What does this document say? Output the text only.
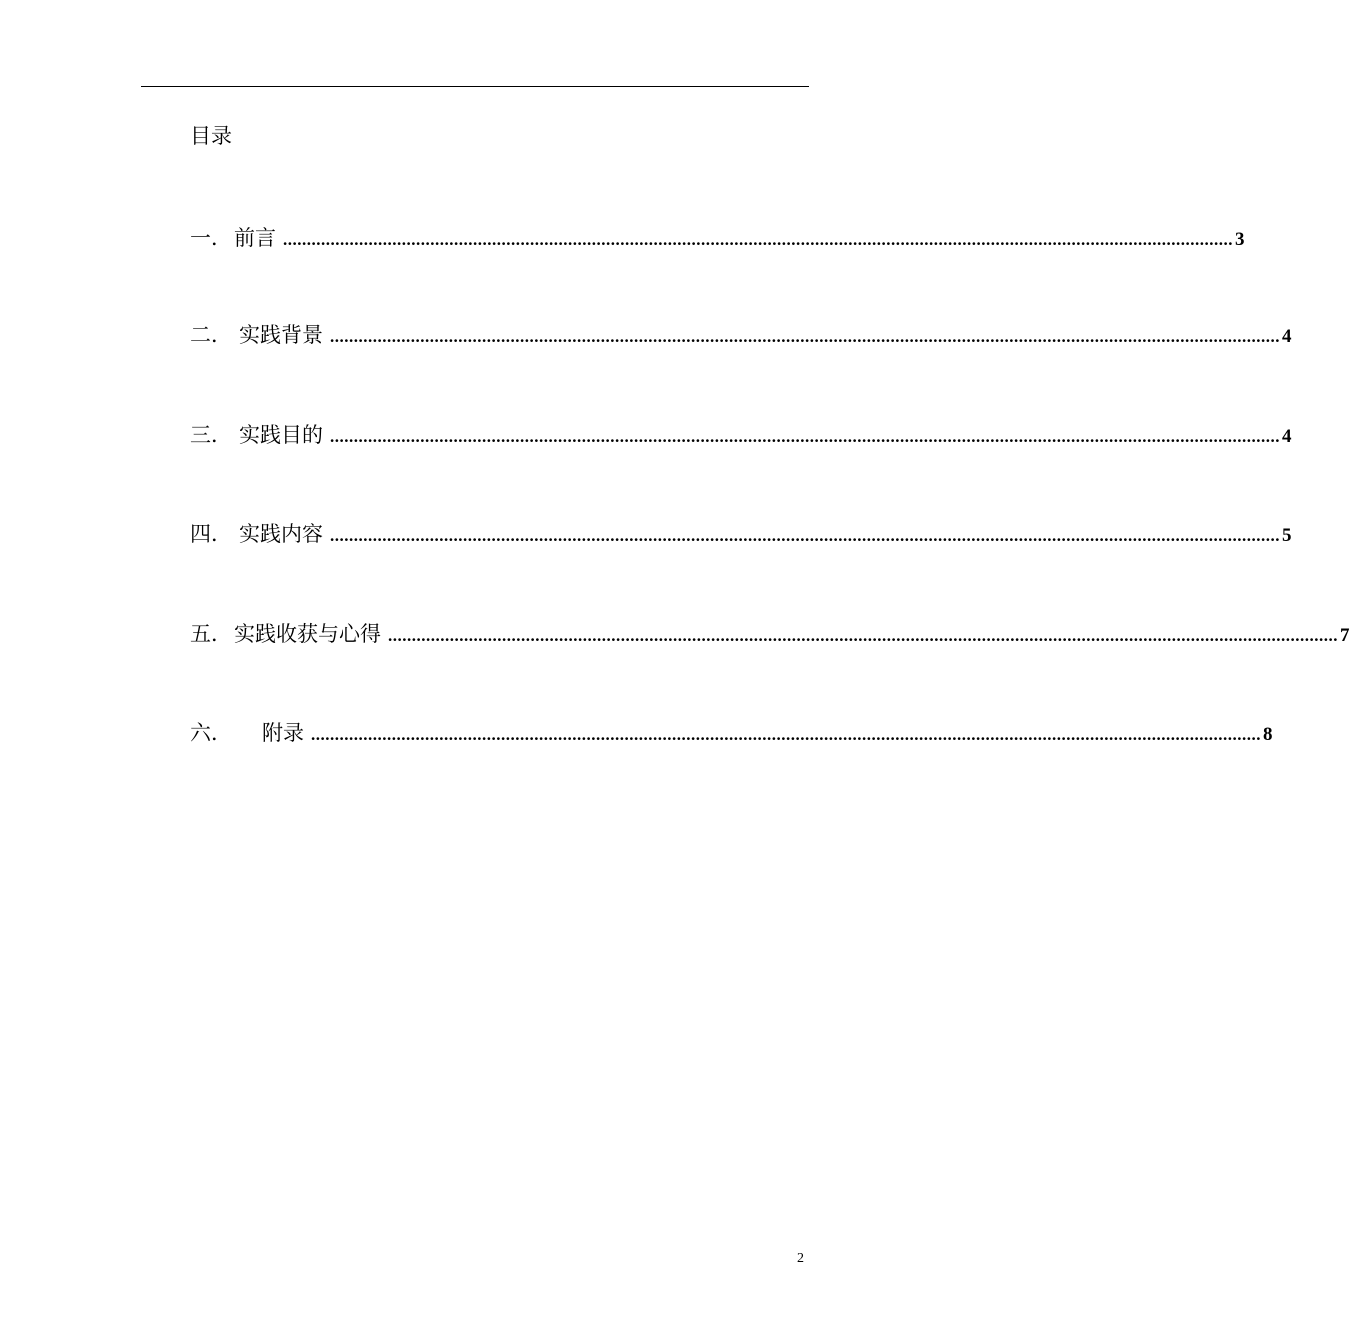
目录
一． 前言 ........................................................................................................................................................................................................ 3
二． 实践背景 ........................................................................................................................................................................................................ 4
三． 实践目的 ........................................................................................................................................................................................................ 4
四． 实践内容 ........................................................................................................................................................................................................ 5
五． 实践收获与心得 ........................................................................................................................................................................................................ 7
六． 附录 ........................................................................................................................................................................................................ 8
2
